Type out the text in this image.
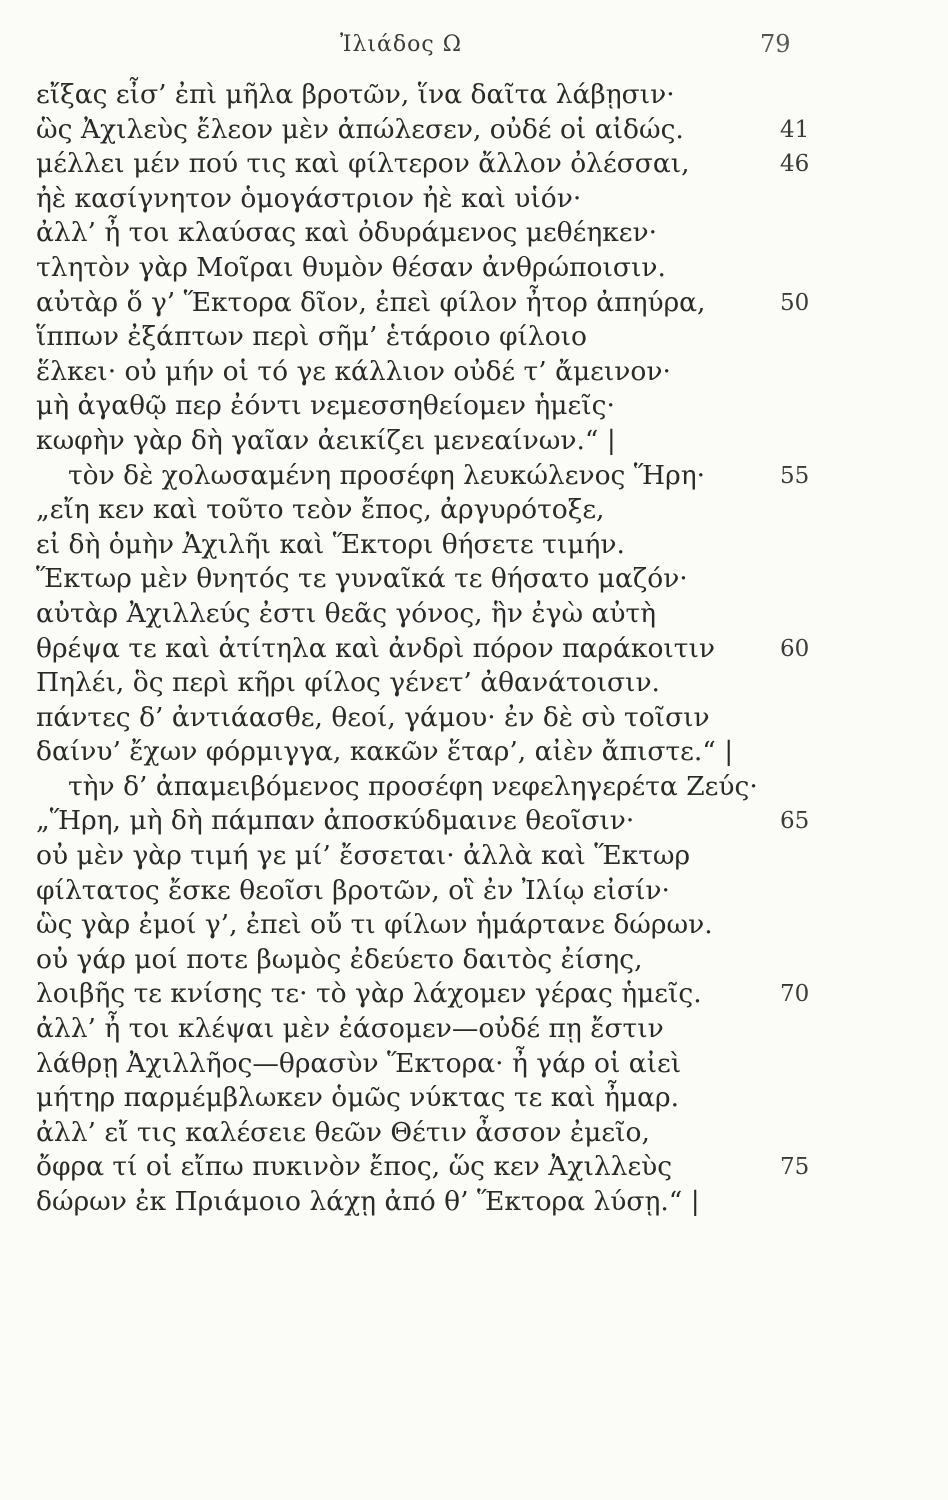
Ἰλιάδος Ω	79
εἴξας εἶσ’ ἐπὶ μῆλα βροτῶν, ἵνα δαῖτα λάβῃσιν·
ὣς Ἀχιλεὺς ἔλεον μὲν ἀπώλεσεν, οὐδέ οἱ αἰδώς.	41
μέλλει μέν πού τις καὶ φίλτερον ἄλλον ὀλέσσαι,	46
ἠὲ κασίγνητον ὁμογάστριον ἠὲ καὶ υἱόν·
ἀλλ’ ἦ τοι κλαύσας καὶ ὀδυράμενος μεθέηκεν·
τλητὸν γὰρ Μοῖραι θυμὸν θέσαν ἀνθρώποισιν.
αὐτὰρ ὅ γ’ Ἕκτορα δῖον, ἐπεὶ φίλον ἦτορ ἀπηύρα,	50
ἵππων ἐξάπτων περὶ σῆμ’ ἑτάροιο φίλοιο
ἕλκει· οὐ μήν οἱ τό γε κάλλιον οὐδέ τ’ ἄμεινον·
μὴ ἀγαθῷ περ ἐόντι νεμεσσηθείομεν ἡμεῖς·
κωφὴν γὰρ δὴ γαῖαν ἀεικίζει μενεαίνων.“ |
τὸν δὲ χολωσαμένη προσέφη λευκώλενος Ἥρη·	55
„εἴη κεν καὶ τοῦτο τεὸν ἔπος, ἀργυρότοξε,
εἰ δὴ ὁμὴν Ἀχιλῆι καὶ Ἕκτορι θήσετε τιμήν.
Ἕκτωρ μὲν θνητός τε γυναῖκά τε θήσατο μαζόν·
αὐτὰρ Ἀχιλλεύς ἐστι θεᾶς γόνος, ἣν ἐγὼ αὐτὴ
θρέψα τε καὶ ἀτίτηλα καὶ ἀνδρὶ πόρον παράκοιτιν	60
Πηλέι, ὃς περὶ κῆρι φίλος γένετ’ ἀθανάτοισιν.
πάντες δ’ ἀντιάασθε, θεοί, γάμου· ἐν δὲ σὺ τοῖσιν
δαίνυ’ ἔχων φόρμιγγα, κακῶν ἕταρ’, αἰὲν ἄπιστε.“ |
τὴν δ’ ἀπαμειβόμενος προσέφη νεφεληγερέτα Ζεύς·
„Ἥρη, μὴ δὴ πάμπαν ἀποσκύδμαινε θεοῖσιν·	65
οὐ μὲν γὰρ τιμή γε μί’ ἔσσεται· ἀλλὰ καὶ Ἕκτωρ
φίλτατος ἔσκε θεοῖσι βροτῶν, οἳ ἐν Ἰλίῳ εἰσίν·
ὣς γὰρ ἐμοί γ’, ἐπεὶ οὔ τι φίλων ἡμάρτανε δώρων.
οὐ γάρ μοί ποτε βωμὸς ἐδεύετο δαιτὸς ἐίσης,
λοιβῆς τε κνίσης τε· τὸ γὰρ λάχομεν γέρας ἡμεῖς.	70
ἀλλ’ ἦ τοι κλέψαι μὲν ἐάσομεν—οὐδέ πῃ ἔστιν
λάθρῃ Ἀχιλλῆος—θρασὺν Ἕκτορα· ἦ γάρ οἱ αἰεὶ
μήτηρ παρμέμβλωκεν ὁμῶς νύκτας τε καὶ ἦμαρ.
ἀλλ’ εἴ τις καλέσειε θεῶν Θέτιν ἆσσον ἐμεῖο,
ὄφρα τί οἱ εἴπω πυκινὸν ἔπος, ὥς κεν Ἀχιλλεὺς	75
δώρων ἐκ Πριάμοιο λάχῃ ἀπό θ’ Ἕκτορα λύσῃ.“ |
